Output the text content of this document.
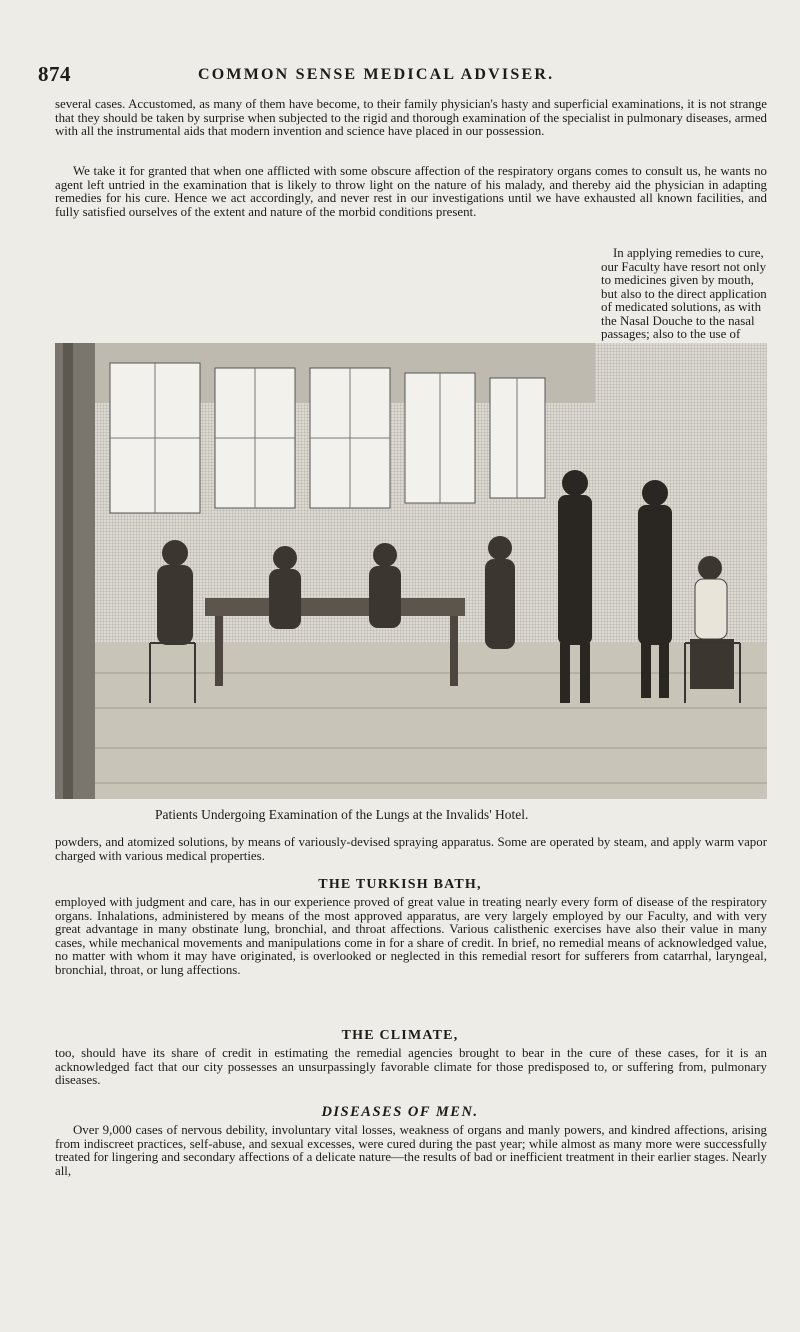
874	COMMON SENSE MEDICAL ADVISER.

several cases. Accustomed, as many of them have become, to their family physician's hasty and superficial examinations, it is not strange that they should be taken by surprise when subjected to the rigid and thorough examination of the specialist in pulmonary diseases, armed with all the instrumental aids that modern invention and science have placed in our possession.

We take it for granted that when one afflicted with some obscure affection of the respiratory organs comes to consult us, he wants no agent left untried in the examination that is likely to throw light on the nature of his malady, and thereby aid the physician in adapting remedies for his cure. Hence we act accordingly, and never rest in our investigations until we have exhausted all known facilities, and fully satisfied ourselves of the extent and nature of the morbid conditions present.

In applying remedies to cure, our Faculty have resort not only to medicines given by mouth, but also to the direct application of medicated solutions, as with the Nasal Douche to the nasal passages; also to the use of

Patients Undergoing Examination of the Lungs at the Invalids' Hotel.

powders, and atomized solutions, by means of variously-devised spraying apparatus. Some are operated by steam, and apply warm vapor charged with various medical properties.

THE TURKISH BATH,

employed with judgment and care, has in our experience proved of great value in treating nearly every form of disease of the respiratory organs. Inhalations, administered by means of the most approved apparatus, are very largely employed by our Faculty, and with very great advantage in many obstinate lung, bronchial, and throat affections. Various calisthenic exercises have also their value in many cases, while mechanical movements and manipulations come in for a share of credit. In brief, no remedial means of acknowledged value, no matter with whom it may have originated, is overlooked or neglected in this remedial resort for sufferers from catarrhal, laryngeal, bronchial, throat, or lung affections.

THE CLIMATE,

too, should have its share of credit in estimating the remedial agencies brought to bear in the cure of these cases, for it is an acknowledged fact that our city possesses an unsurpassingly favorable climate for those predisposed to, or suffering from, pulmonary diseases.

DISEASES OF MEN.

Over 9,000 cases of nervous debility, involuntary vital losses, weakness of organs and manly powers, and kindred affections, arising from indiscreet practices, self-abuse, and sexual excesses, were cured during the past year; while almost as many more were successfully treated for lingering and secondary affections of a delicate nature—the results of bad or inefficient treatment in their earlier stages. Nearly all,
